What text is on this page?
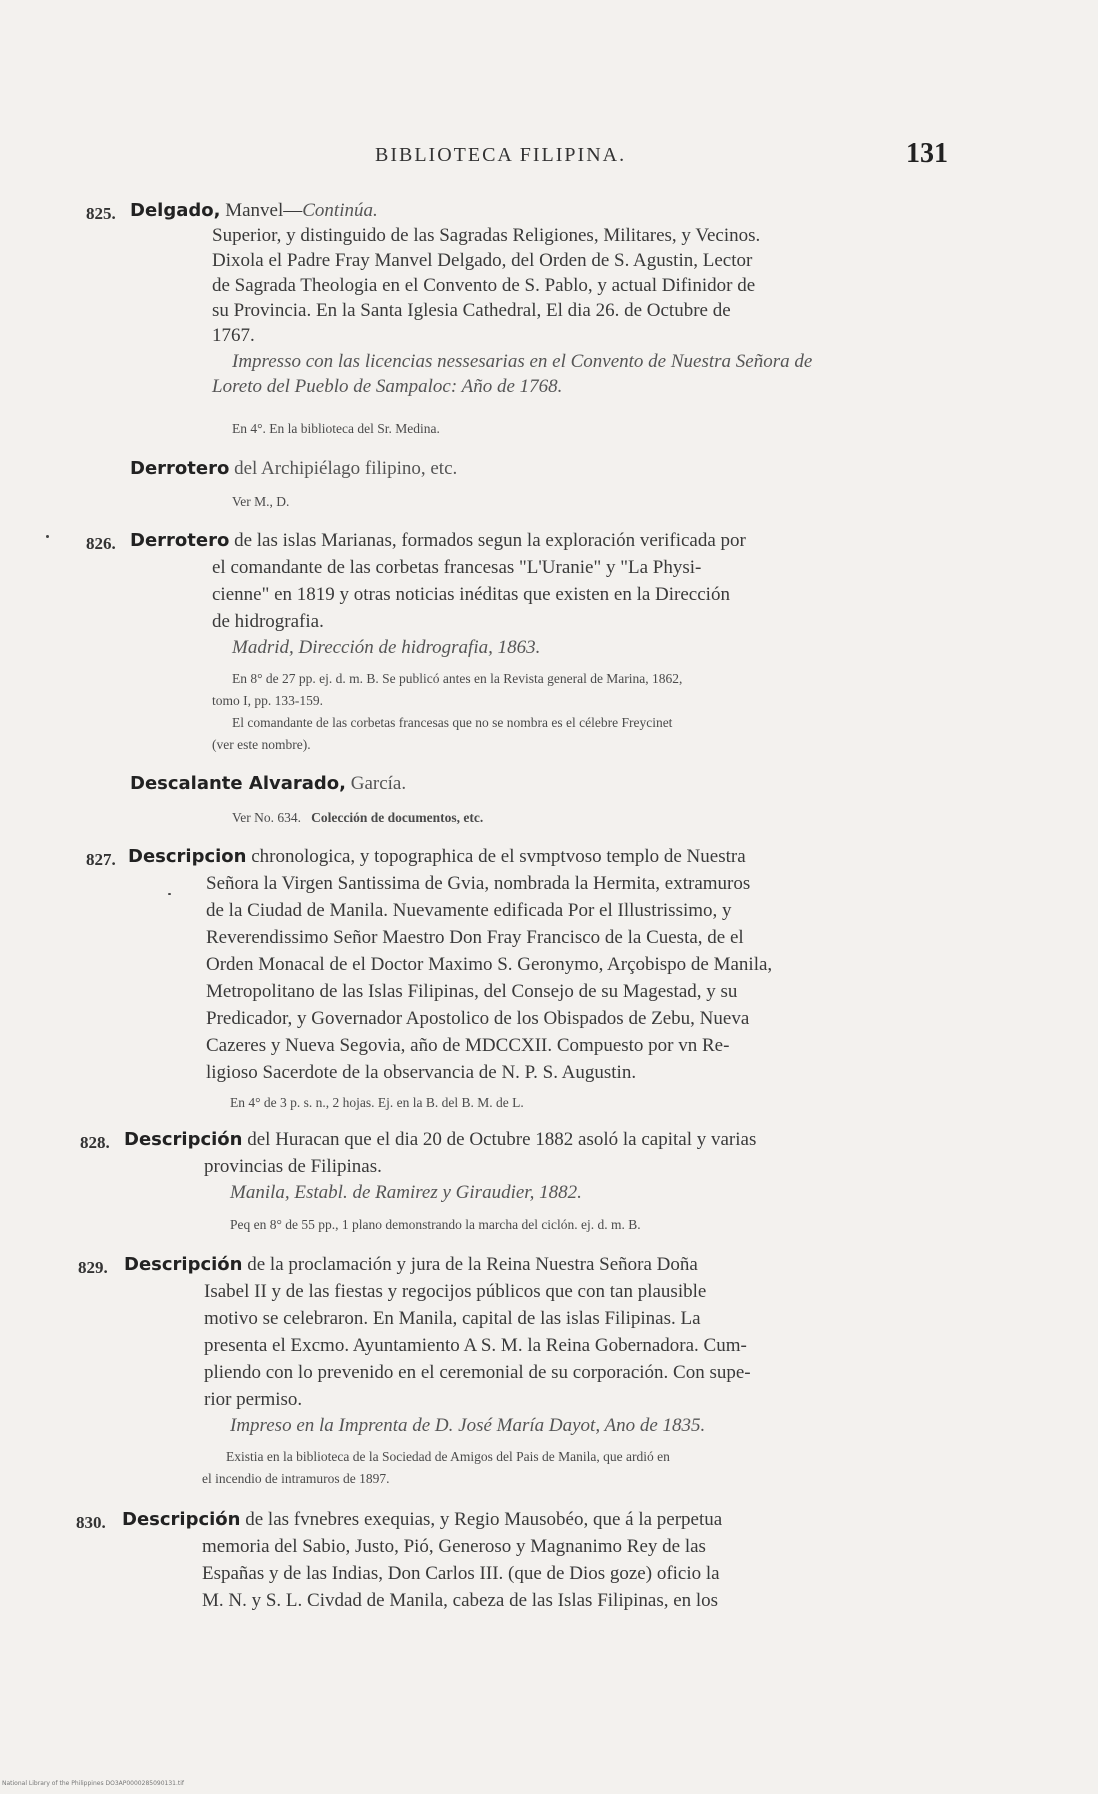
BIBLIOTECA FILIPINA.	131
825. Delgado, Manvel—Continúa.
Superior, y distinguido de las Sagradas Religiones, Militares, y Vecinos.
Dixola el Padre Fray Manvel Delgado, del Orden de S. Agustin, Lector
de Sagrada Theologia en el Convento de S. Pablo, y actual Difinidor de
su Provincia. En la Santa Iglesia Cathedral, El dia 26. de Octubre de
1767.
Impresso con las licencias nessesarias en el Convento de Nuestra Señora de
Loreto del Pueblo de Sampaloc: Año de 1768.
En 4°. En la biblioteca del Sr. Medina.
Derrotero del Archipiélago filipino, etc.
Ver M., D.
826. Derrotero de las islas Marianas, formados segun la exploración verificada por
el comandante de las corbetas francesas "L'Uranie" y "La Physi-
cienne" en 1819 y otras noticias inéditas que existen en la Dirección
de hidrografia.
Madrid, Dirección de hidrografia, 1863.
En 8° de 27 pp. ej. d. m. B. Se publicó antes en la Revista general de Marina, 1862,
tomo I, pp. 133-159.
El comandante de las corbetas francesas que no se nombra es el célebre Freycinet
(ver este nombre).
Descalante Alvarado, García.
Ver No. 634. Colección de documentos, etc.
827. Descripcion chronologica, y topographica de el svmptvoso templo de Nuestra
Señora la Virgen Santissima de Gvia, nombrada la Hermita, extramuros
de la Ciudad de Manila. Nuevamente edificada Por el Illustrissimo, y
Reverendissimo Señor Maestro Don Fray Francisco de la Cuesta, de el
Orden Monacal de el Doctor Maximo S. Geronymo, Arçobispo de Manila,
Metropolitano de las Islas Filipinas, del Consejo de su Magestad, y su
Predicador, y Governador Apostolico de los Obispados de Zebu, Nueva
Cazeres y Nueva Segovia, año de MDCCXII. Compuesto por vn Re-
ligioso Sacerdote de la observancia de N. P. S. Augustin.
En 4° de 3 p. s. n., 2 hojas. Ej. en la B. del B. M. de L.
828. Descripción del Huracan que el dia 20 de Octubre 1882 asoló la capital y varias
provincias de Filipinas.
Manila, Establ. de Ramirez y Giraudier, 1882.
Peq en 8° de 55 pp., 1 plano demonstrando la marcha del ciclón. ej. d. m. B.
829. Descripción de la proclamación y jura de la Reina Nuestra Señora Doña
Isabel II y de las fiestas y regocijos públicos que con tan plausible
motivo se celebraron. En Manila, capital de las islas Filipinas. La
presenta el Excmo. Ayuntamiento A S. M. la Reina Gobernadora. Cum-
pliendo con lo prevenido en el ceremonial de su corporación. Con supe-
rior permiso.
Impreso en la Imprenta de D. José María Dayot, Ano de 1835.
Existia en la biblioteca de la Sociedad de Amigos del Pais de Manila, que ardió en
el incendio de intramuros de 1897.
830. Descripción de las fvnebres exequias, y Regio Mausobéo, que á la perpetua
memoria del Sabio, Justo, Pió, Generoso y Magnanimo Rey de las
Españas y de las Indias, Don Carlos III. (que de Dios goze) oficio la
M. N. y S. L. Civdad de Manila, cabeza de las Islas Filipinas, en los
National Library of the Philippines DO3AP0000285090131.tif
